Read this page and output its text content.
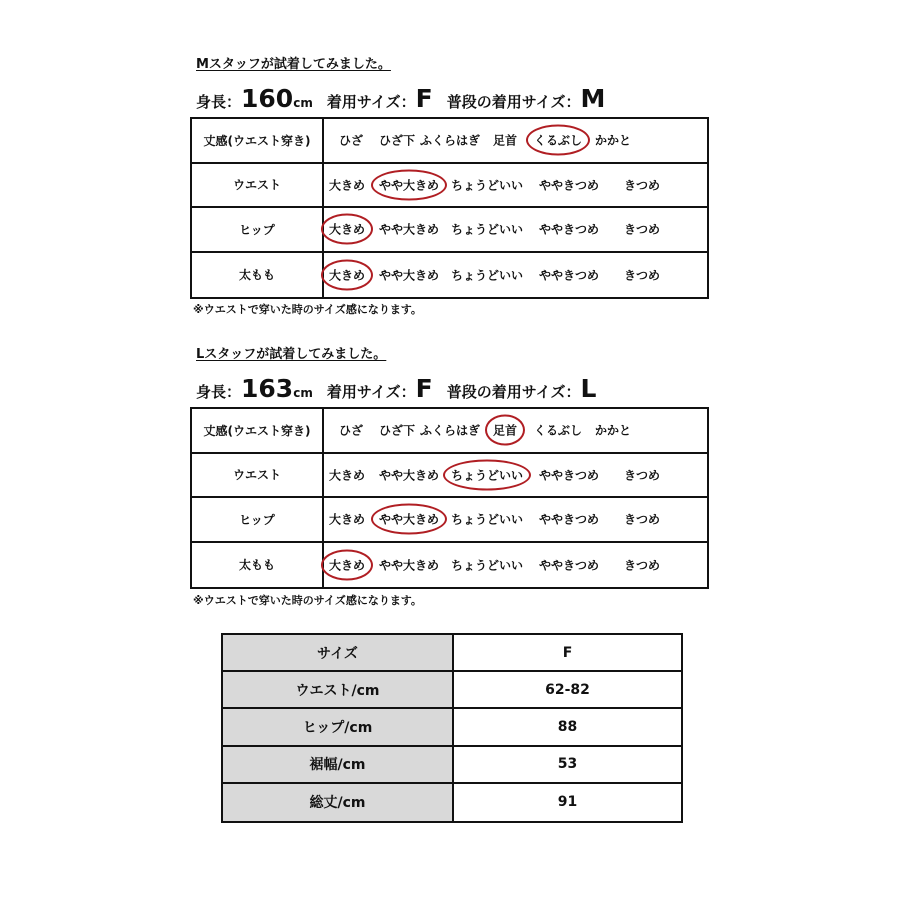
Mスタッフが試着してみました。
身長： 160 cm 着用サイズ： F 普段の着用サイズ： M
丈感(ウエスト穿き)	ひざ	ひざ下 ふくらはぎ	足首	くるぶし	かかと
ウエスト	大きめ	やや大きめ ちょうどいい	ややきつめ	きつめ
ヒップ	大きめ	やや大きめ ちょうどいい	ややきつめ	きつめ
太もも	大きめ	やや大きめ ちょうどいい	ややきつめ	きつめ
※ウエストで穿いた時のサイズ感になります。
Lスタッフが試着してみました。
身長： 163 cm 着用サイズ： F 普段の着用サイズ： L
丈感(ウエスト穿き)	ひざ	ひざ下 ふくらはぎ	足首	くるぶし	かかと
ウエスト	大きめ	やや大きめ ちょうどいい	ややきつめ	きつめ
ヒップ	大きめ	やや大きめ ちょうどいい	ややきつめ	きつめ
太もも	大きめ	やや大きめ ちょうどいい	ややきつめ	きつめ
※ウエストで穿いた時のサイズ感になります。
サイズ	F
ウエスト/cm	62-82
ヒップ/cm	88
裾幅/cm	53
総丈/cm	91
